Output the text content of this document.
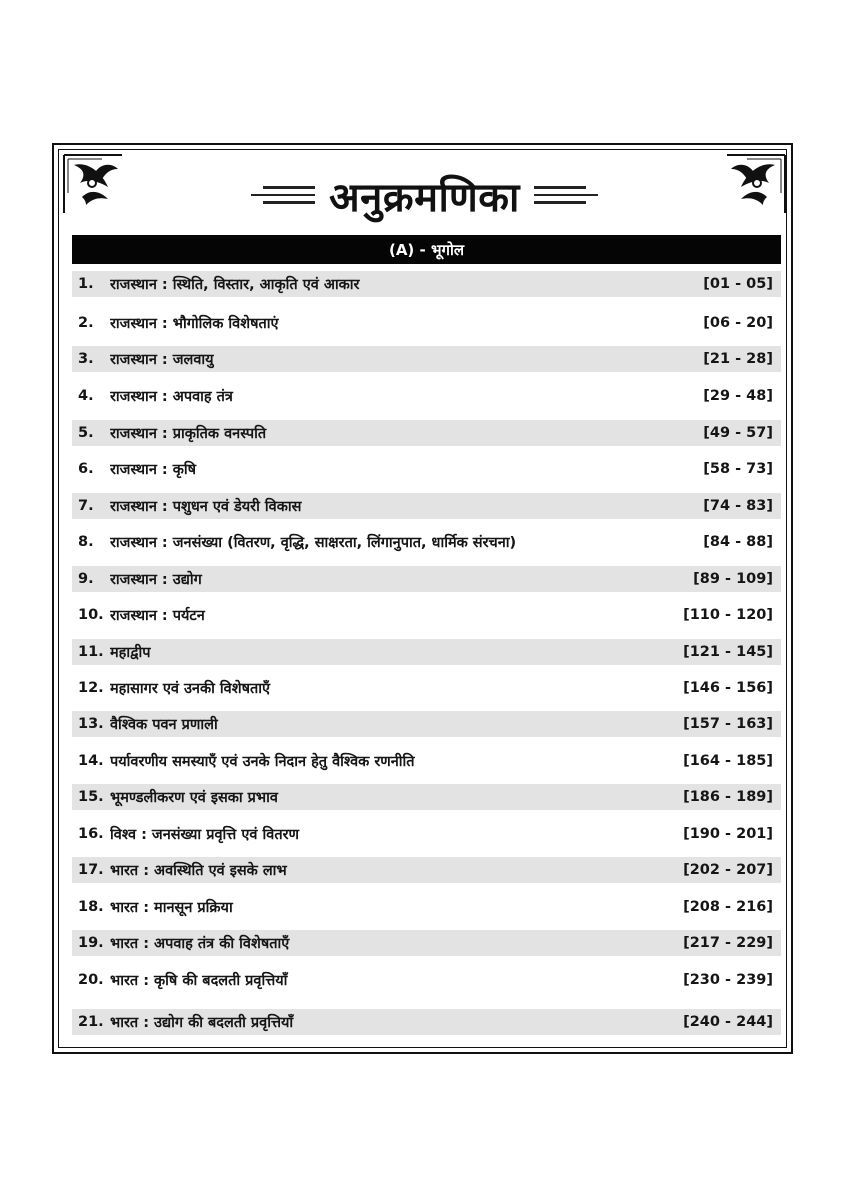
अनुक्रमणिका
(A) - भूगोल
1.	राजस्थान : स्थिति, विस्तार, आकृति एवं आकार	[01 - 05]
2.	राजस्थान : भौगोलिक विशेषताएं	[06 - 20]
3.	राजस्थान : जलवायु	[21 - 28]
4.	राजस्थान : अपवाह तंत्र	[29 - 48]
5.	राजस्थान : प्राकृतिक वनस्पति	[49 - 57]
6.	राजस्थान : कृषि	[58 - 73]
7.	राजस्थान : पशुधन एवं डेयरी विकास	[74 - 83]
8.	राजस्थान : जनसंख्या (वितरण, वृद्धि, साक्षरता, लिंगानुपात, धार्मिक संरचना)	[84 - 88]
9.	राजस्थान : उद्योग	[89 - 109]
10. राजस्थान : पर्यटन	[110 - 120]
11. महाद्वीप	[121 - 145]
12. महासागर एवं उनकी विशेषताएँ	[146 - 156]
13. वैश्विक पवन प्रणाली	[157 - 163]
14. पर्यावरणीय समस्याएँ एवं उनके निदान हेतु वैश्विक रणनीति	[164 - 185]
15. भूमण्डलीकरण एवं इसका प्रभाव	[186 - 189]
16. विश्व : जनसंख्या प्रवृत्ति एवं वितरण	[190 - 201]
17. भारत : अवस्थिति एवं इसके लाभ	[202 - 207]
18. भारत : मानसून प्रक्रिया	[208 - 216]
19. भारत : अपवाह तंत्र की विशेषताएँ	[217 - 229]
20. भारत : कृषि की बदलती प्रवृत्तियाँ	[230 - 239]
21. भारत : उद्योग की बदलती प्रवृत्तियाँ	[240 - 244]
